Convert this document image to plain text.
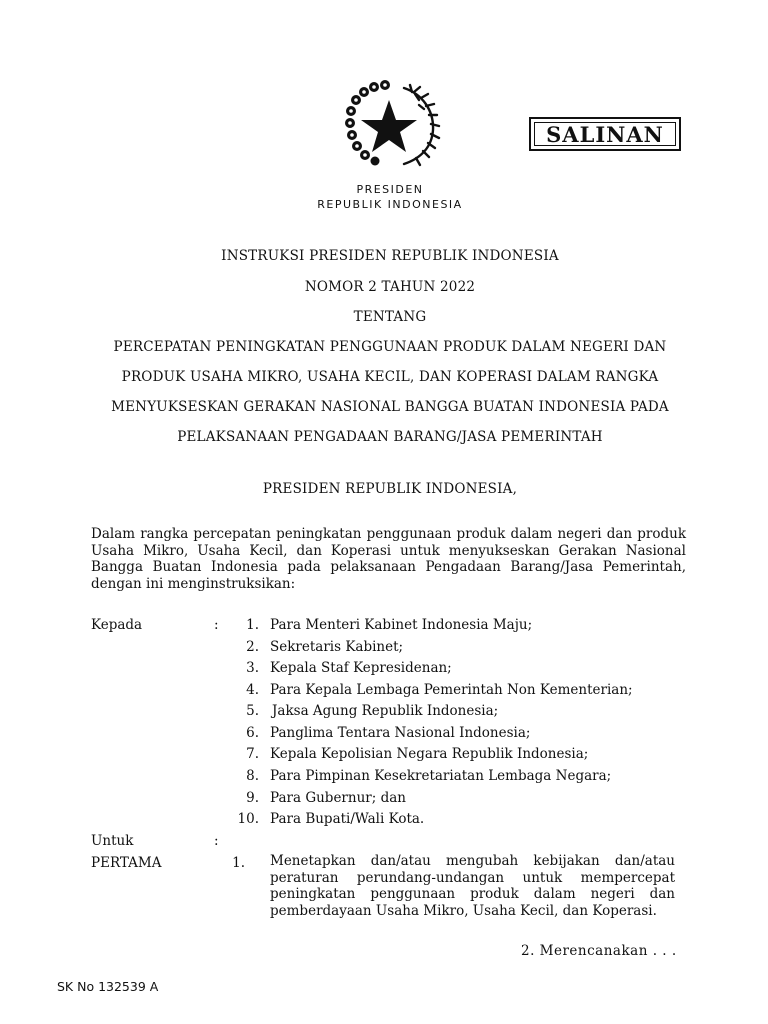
SALINAN
PRESIDEN
REPUBLIK INDONESIA
INSTRUKSI PRESIDEN REPUBLIK INDONESIA
NOMOR 2 TAHUN 2022
TENTANG
PERCEPATAN PENINGKATAN PENGGUNAAN PRODUK DALAM NEGERI DAN
PRODUK USAHA MIKRO, USAHA KECIL, DAN KOPERASI DALAM RANGKA
MENYUKSESKAN GERAKAN NASIONAL BANGGA BUATAN INDONESIA PADA
PELAKSANAAN PENGADAAN BARANG/JASA PEMERINTAH
PRESIDEN REPUBLIK INDONESIA,
Dalam rangka percepatan peningkatan penggunaan produk dalam negeri dan produk Usaha Mikro, Usaha Kecil, dan Koperasi untuk menyukseskan Gerakan Nasional Bangga Buatan Indonesia pada pelaksanaan Pengadaan Barang/Jasa Pemerintah, dengan ini menginstruksikan:
Kepada	:	1. Para Menteri Kabinet Indonesia Maju;
2. Sekretaris Kabinet;
3. Kepala Staf Kepresidenan;
4. Para Kepala Lembaga Pemerintah Non Kementerian;
5. Jaksa Agung Republik Indonesia;
6. Panglima Tentara Nasional Indonesia;
7. Kepala Kepolisian Negara Republik Indonesia;
8. Para Pimpinan Kesekretariatan Lembaga Negara;
9. Para Gubernur; dan
10. Para Bupati/Wali Kota.
Untuk	:
PERTAMA	1. Menetapkan dan/atau mengubah kebijakan dan/atau peraturan perundang-undangan untuk mempercepat peningkatan penggunaan produk dalam negeri dan pemberdayaan Usaha Mikro, Usaha Kecil, dan Koperasi.
2. Merencanakan . . .
SK No 132539 A
